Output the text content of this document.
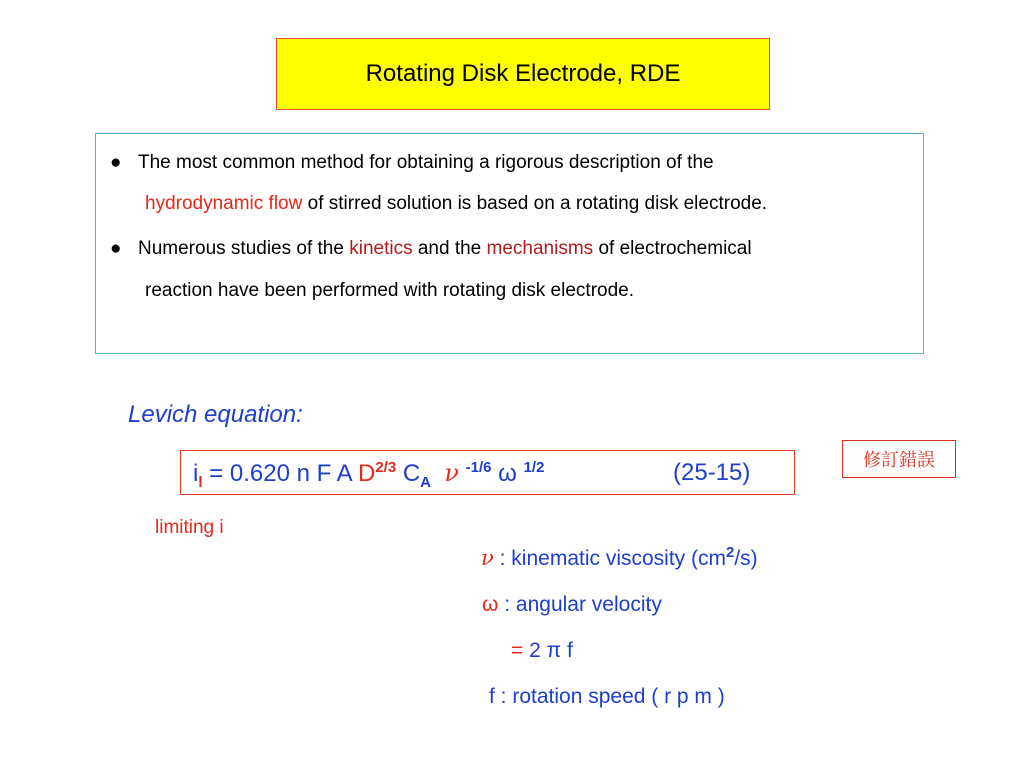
Rotating Disk Electrode, RDE
● The most common method for obtaining a rigorous description of the
hydrodynamic flow of stirred solution is based on a rotating disk electrode.
● Numerous studies of the kinetics and the mechanisms of electrochemical
reaction have been performed with rotating disk electrode.
Levich equation:
$i_l = 0.620$ n F A $D^{2/3}$ $C_A$ ν $^{-1/6}$ ω $^{1/2}$	(25-15)	修訂錯誤
limiting i
ν : kinematic viscosity $(cm^2/s)$
ω : angular velocity
= 2 π f
f : rotation speed ( r p m )
